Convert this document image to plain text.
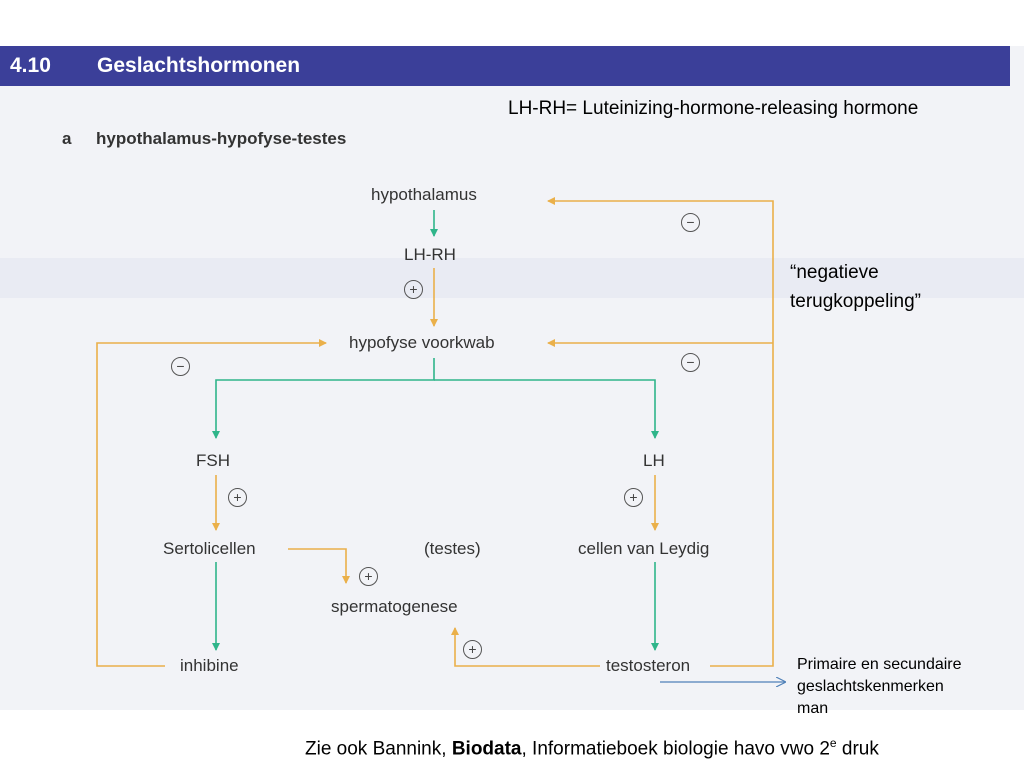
4.10 Geslachtshormonen
a hypothalamus-hypofyse-testes
LH-RH= Luteinizing-hormone-releasing hormone
“negatieve
terugkoppeling”
hypothalamus
LH-RH
hypofyse voorkwab
FSH	LH
Sertolicellen	(testes)	cellen van Leydig
spermatogenese
inhibine	testosteron
+
−
−
−
+	+
+
+
Primaire en secundaire
geslachtskenmerken
man
Zie ook Bannink, Biodata, Informatieboek biologie havo vwo 2e druk
